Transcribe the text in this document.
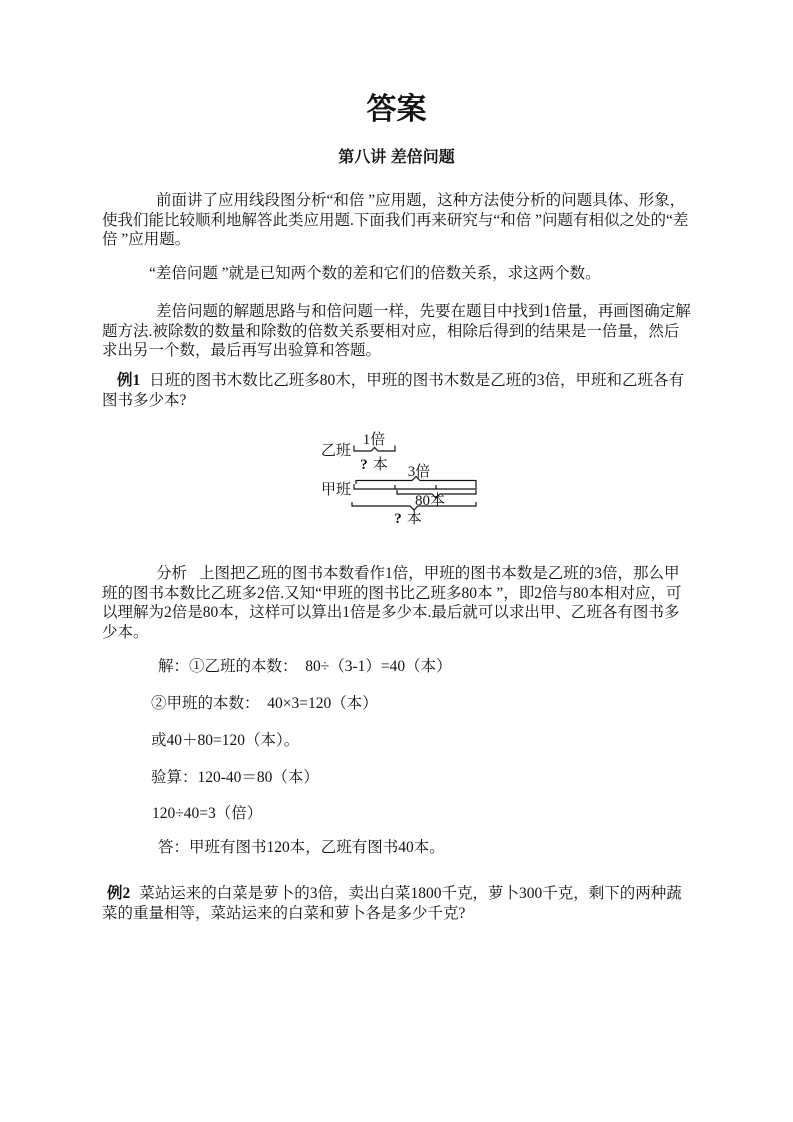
答案
第八讲 差倍问题
前面讲了应用线段图分析“和倍 ”应用题，这种方法使分析的问题具体、形象，使我们能比较顺利地解答此类应用题.下面我们再来研究与“和倍 ”问题有相似之处的“差倍 ”应用题。
“差倍问题 ”就是已知两个数的差和它们的倍数关系，求这两个数。
差倍问题的解题思路与和倍问题一样，先要在题目中找到1倍量，再画图确定解题方法.被除数的数量和除数的倍数关系要相对应，相除后得到的结果是一倍量，然后求出另一个数，最后再写出验算和答题。
例1 日班的图书木数比乙班多80木，甲班的图书木数是乙班的3倍，甲班和乙班各有图书多少本?
乙班
1倍
? 本 3倍
甲班
80本
? 本
分析 上图把乙班的图书本数看作1倍，甲班的图书本数是乙班的3倍，那么甲班的图书本数比乙班多2倍.又知“甲班的图书比乙班多80本 ”，即2倍与80本相对应，可以理解为2倍是80本，这样可以算出1倍是多少本.最后就可以求出甲、乙班各有图书多少本。
解：①乙班的本数：  80÷（3-1）=40（本）
②甲班的本数：  40×3=120（本）
或40＋80=120（本）。
验算：120-40＝80（本）
120÷40=3（倍）
答：甲班有图书120本，乙班有图书40本。
例2 菜站运来的白菜是萝卜的3倍，卖出白菜1800千克，萝卜300千克，剩下的两种蔬菜的重量相等，菜站运来的白菜和萝卜各是多少千克?
